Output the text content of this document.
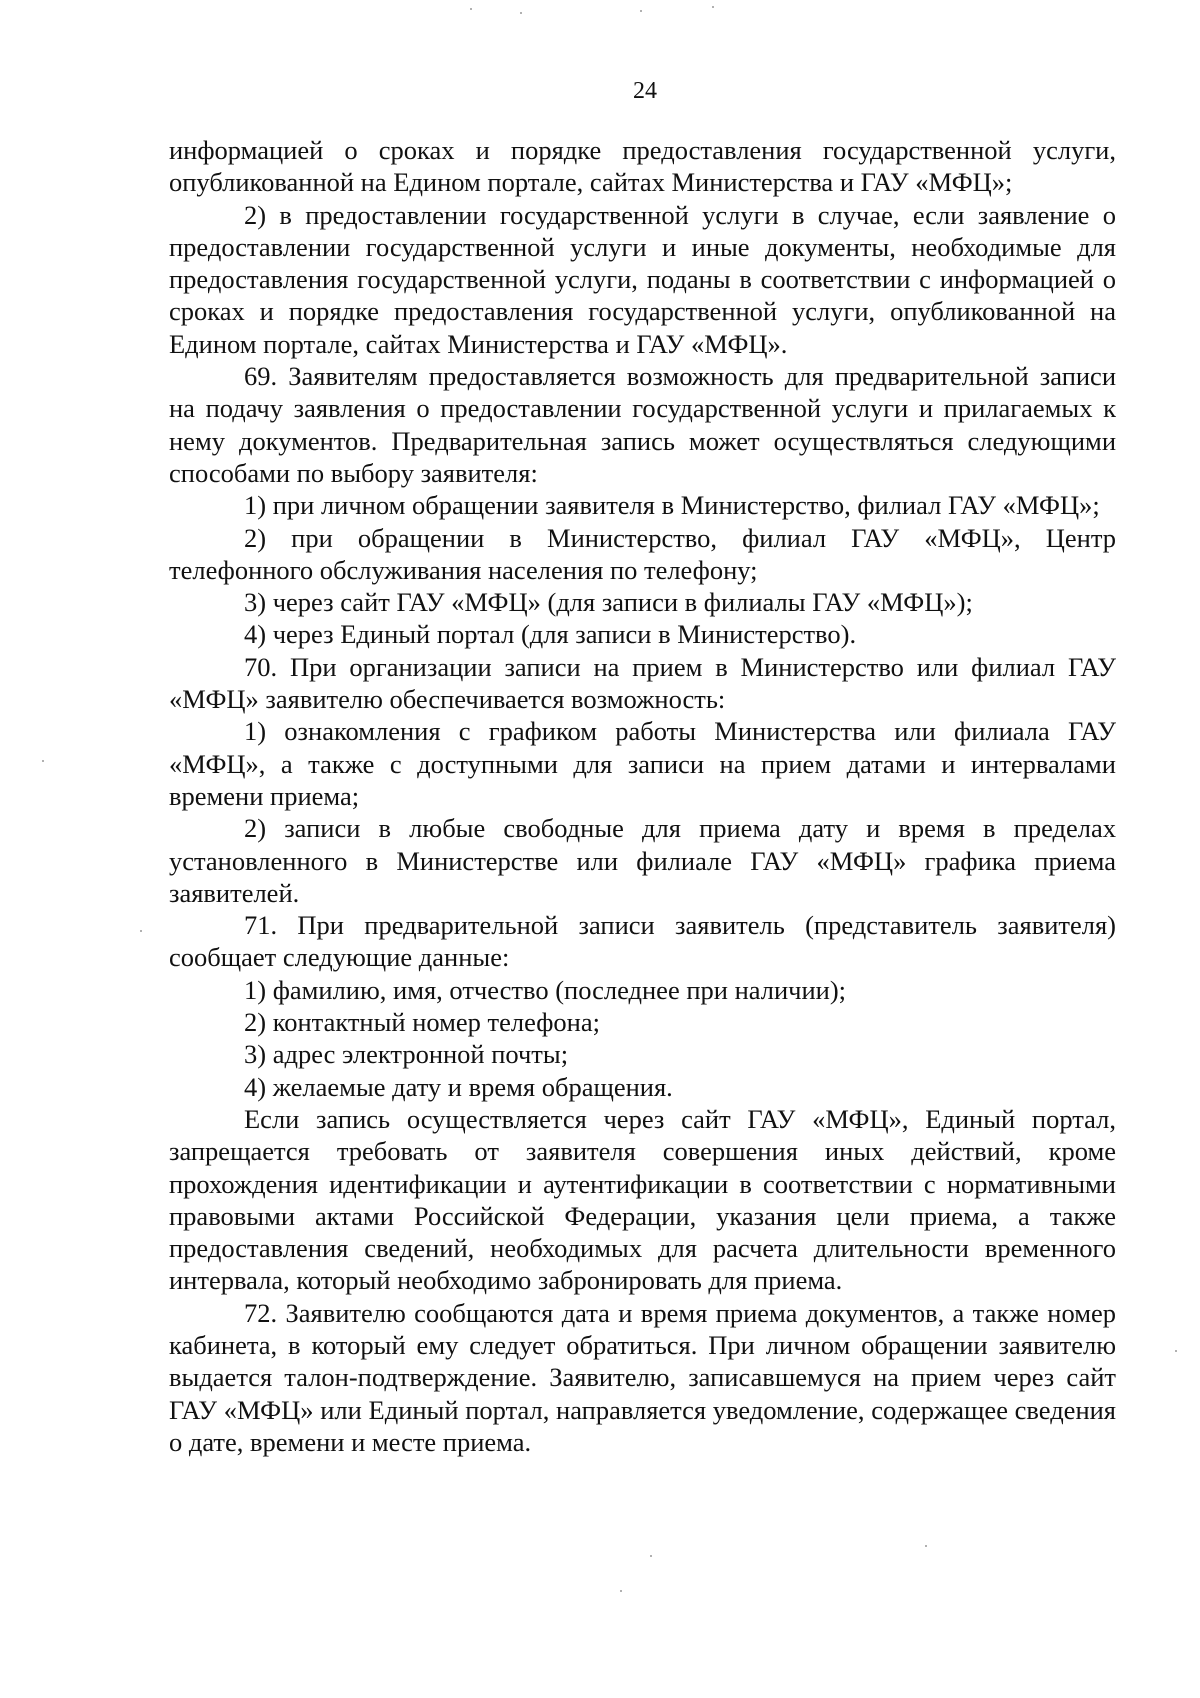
24

информацией о сроках и порядке предоставления государственной услуги, опубликованной на Едином портале, сайтах Министерства и ГАУ «МФЦ»;

2) в предоставлении государственной услуги в случае, если заявление о предоставлении государственной услуги и иные документы, необходимые для предоставления государственной услуги, поданы в соответствии с информацией о сроках и порядке предоставления государственной услуги, опубликованной на Едином портале, сайтах Министерства и ГАУ «МФЦ».

69. Заявителям предоставляется возможность для предварительной записи на подачу заявления о предоставлении государственной услуги и прилагаемых к нему документов. Предварительная запись может осуществляться следующими способами по выбору заявителя:

1) при личном обращении заявителя в Министерство, филиал ГАУ «МФЦ»;

2) при обращении в Министерство, филиал ГАУ «МФЦ», Центр телефонного обслуживания населения по телефону;

3) через сайт ГАУ «МФЦ» (для записи в филиалы ГАУ «МФЦ»);

4) через Единый портал (для записи в Министерство).

70. При организации записи на прием в Министерство или филиал ГАУ «МФЦ» заявителю обеспечивается возможность:

1) ознакомления с графиком работы Министерства или филиала ГАУ «МФЦ», а также с доступными для записи на прием датами и интервалами времени приема;

2) записи в любые свободные для приема дату и время в пределах установленного в Министерстве или филиале ГАУ «МФЦ» графика приема заявителей.

71. При предварительной записи заявитель (представитель заявителя) сообщает следующие данные:

1) фамилию, имя, отчество (последнее при наличии);

2) контактный номер телефона;

3) адрес электронной почты;

4) желаемые дату и время обращения.

Если запись осуществляется через сайт ГАУ «МФЦ», Единый портал, запрещается требовать от заявителя совершения иных действий, кроме прохождения идентификации и аутентификации в соответствии с нормативными правовыми актами Российской Федерации, указания цели приема, а также предоставления сведений, необходимых для расчета длительности временного интервала, который необходимо забронировать для приема.

72. Заявителю сообщаются дата и время приема документов, а также номер кабинета, в который ему следует обратиться. При личном обращении заявителю выдается талон-подтверждение. Заявителю, записавшемуся на прием через сайт ГАУ «МФЦ» или Единый портал, направляется уведомление, содержащее сведения о дате, времени и месте приема.
